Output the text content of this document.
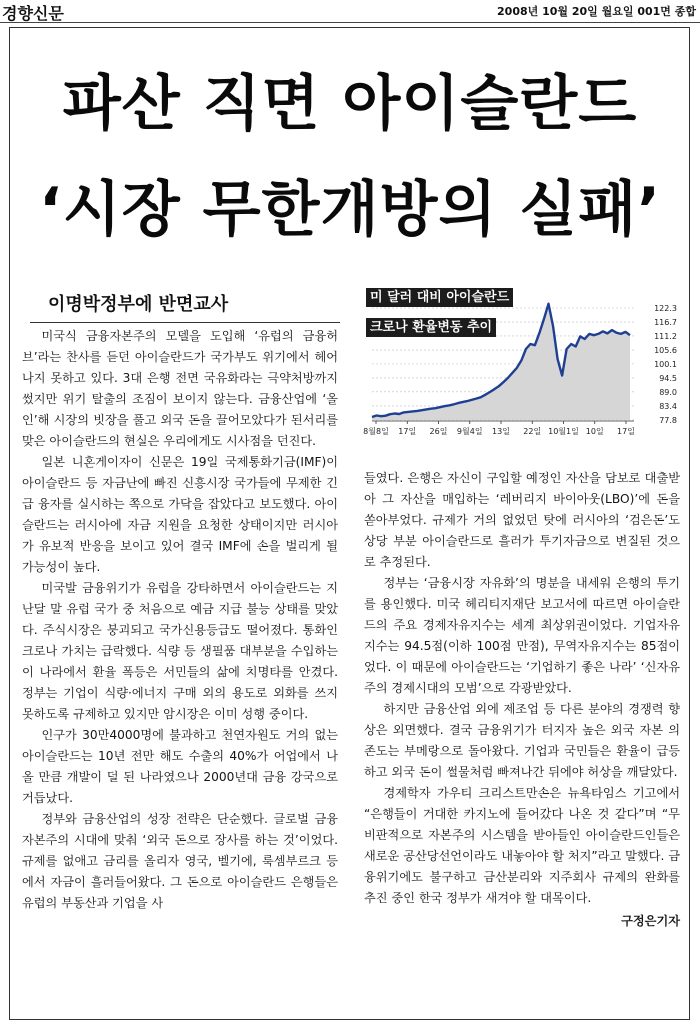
경향신문	2008년 10월 20일 월요일 001면 종합
파산 직면 아이슬란드
‘시장 무한개방의 실패’
이명박정부에 반면교사

미국식 금융자본주의 모델을 도입해 ‘유럽의 금융허브’라는 찬사를 듣던 아이슬란드가 국가부도 위기에서 헤어나지 못하고 있다. 3대 은행 전면 국유화라는 극약처방까지 썼지만 위기 탈출의 조짐이 보이지 않는다. 금융산업에 ‘올인’해 시장의 빗장을 풀고 외국 돈을 끌어모았다가 된서리를 맞은 아이슬란드의 현실은 우리에게도 시사점을 던진다.

일본 니혼게이자이 신문은 19일 국제통화기금(IMF)이 아이슬란드 등 자금난에 빠진 신흥시장 국가들에 무제한 긴급 융자를 실시하는 쪽으로 가닥을 잡았다고 보도했다. 아이슬란드는 러시아에 자금 지원을 요청한 상태이지만 러시아가 유보적 반응을 보이고 있어 결국 IMF에 손을 벌리게 될 가능성이 높다.

미국발 금융위기가 유럽을 강타하면서 아이슬란드는 지난달 말 유럽 국가 중 처음으로 예금 지급 불능 상태를 맞았다. 주식시장은 붕괴되고 국가신용등급도 떨어졌다. 통화인 크로나 가치는 급락했다. 식량 등 생필품 대부분을 수입하는 이 나라에서 환율 폭등은 서민들의 삶에 치명타를 안겼다. 정부는 기업이 식량·에너지 구매 외의 용도로 외화를 쓰지 못하도록 규제하고 있지만 암시장은 이미 성행 중이다.

인구가 30만4000명에 불과하고 천연자원도 거의 없는 아이슬란드는 10년 전만 해도 수출의 40%가 어업에서 나올 만큼 개발이 덜 된 나라였으나 2000년대 금융 강국으로 거듭났다.

정부와 금융산업의 성장 전략은 단순했다. 글로벌 금융자본주의 시대에 맞춰 ‘외국 돈으로 장사를 하는 것’이었다. 규제를 없애고 금리를 올리자 영국, 벨기에, 룩셈부르크 등에서 자금이 흘러들어왔다. 그 돈으로 아이슬란드 은행들은 유럽의 부동산과 기업을 사

122.3
116.7
111.2
105.6
100.1
94.5
89.0
83.4
77.8
8월8일 17일 26일 9월4일 13일 22일 10월1일 10일 17일
미 달러 대비 아이슬란드
크로나 환율변동 추이

들였다. 은행은 자신이 구입할 예정인 자산을 담보로 대출받아 그 자산을 매입하는 ‘레버리지 바이아웃(LBO)’에 돈을 쏟아부었다. 규제가 거의 없었던 탓에 러시아의 ‘검은돈’도 상당 부분 아이슬란드로 흘러가 투기자금으로 변질된 것으로 추정된다.

정부는 ‘금융시장 자유화’의 명분을 내세워 은행의 투기를 용인했다. 미국 헤리티지재단 보고서에 따르면 아이슬란드의 주요 경제자유지수는 세계 최상위권이었다. 기업자유지수는 94.5점(이하 100점 만점), 무역자유지수는 85점이었다. 이 때문에 아이슬란드는 ‘기업하기 좋은 나라’ ‘신자유주의 경제시대의 모범’으로 각광받았다.

하지만 금융산업 외에 제조업 등 다른 분야의 경쟁력 향상은 외면했다. 결국 금융위기가 터지자 높은 외국 자본 의존도는 부메랑으로 돌아왔다. 기업과 국민들은 환율이 급등하고 외국 돈이 썰물처럼 빠져나간 뒤에야 허상을 깨달았다.

경제학자 가우티 크리스트만손은 뉴욕타임스 기고에서 “은행들이 거대한 카지노에 들어갔다 나온 것 같다”며 “무비판적으로 자본주의 시스템을 받아들인 아이슬란드인들은 새로운 공산당선언이라도 내놓아야 할 처지”라고 말했다. 금융위기에도 불구하고 금산분리와 지주회사 규제의 완화를 추진 중인 한국 정부가 새겨야 할 대목이다.

구정은기자
